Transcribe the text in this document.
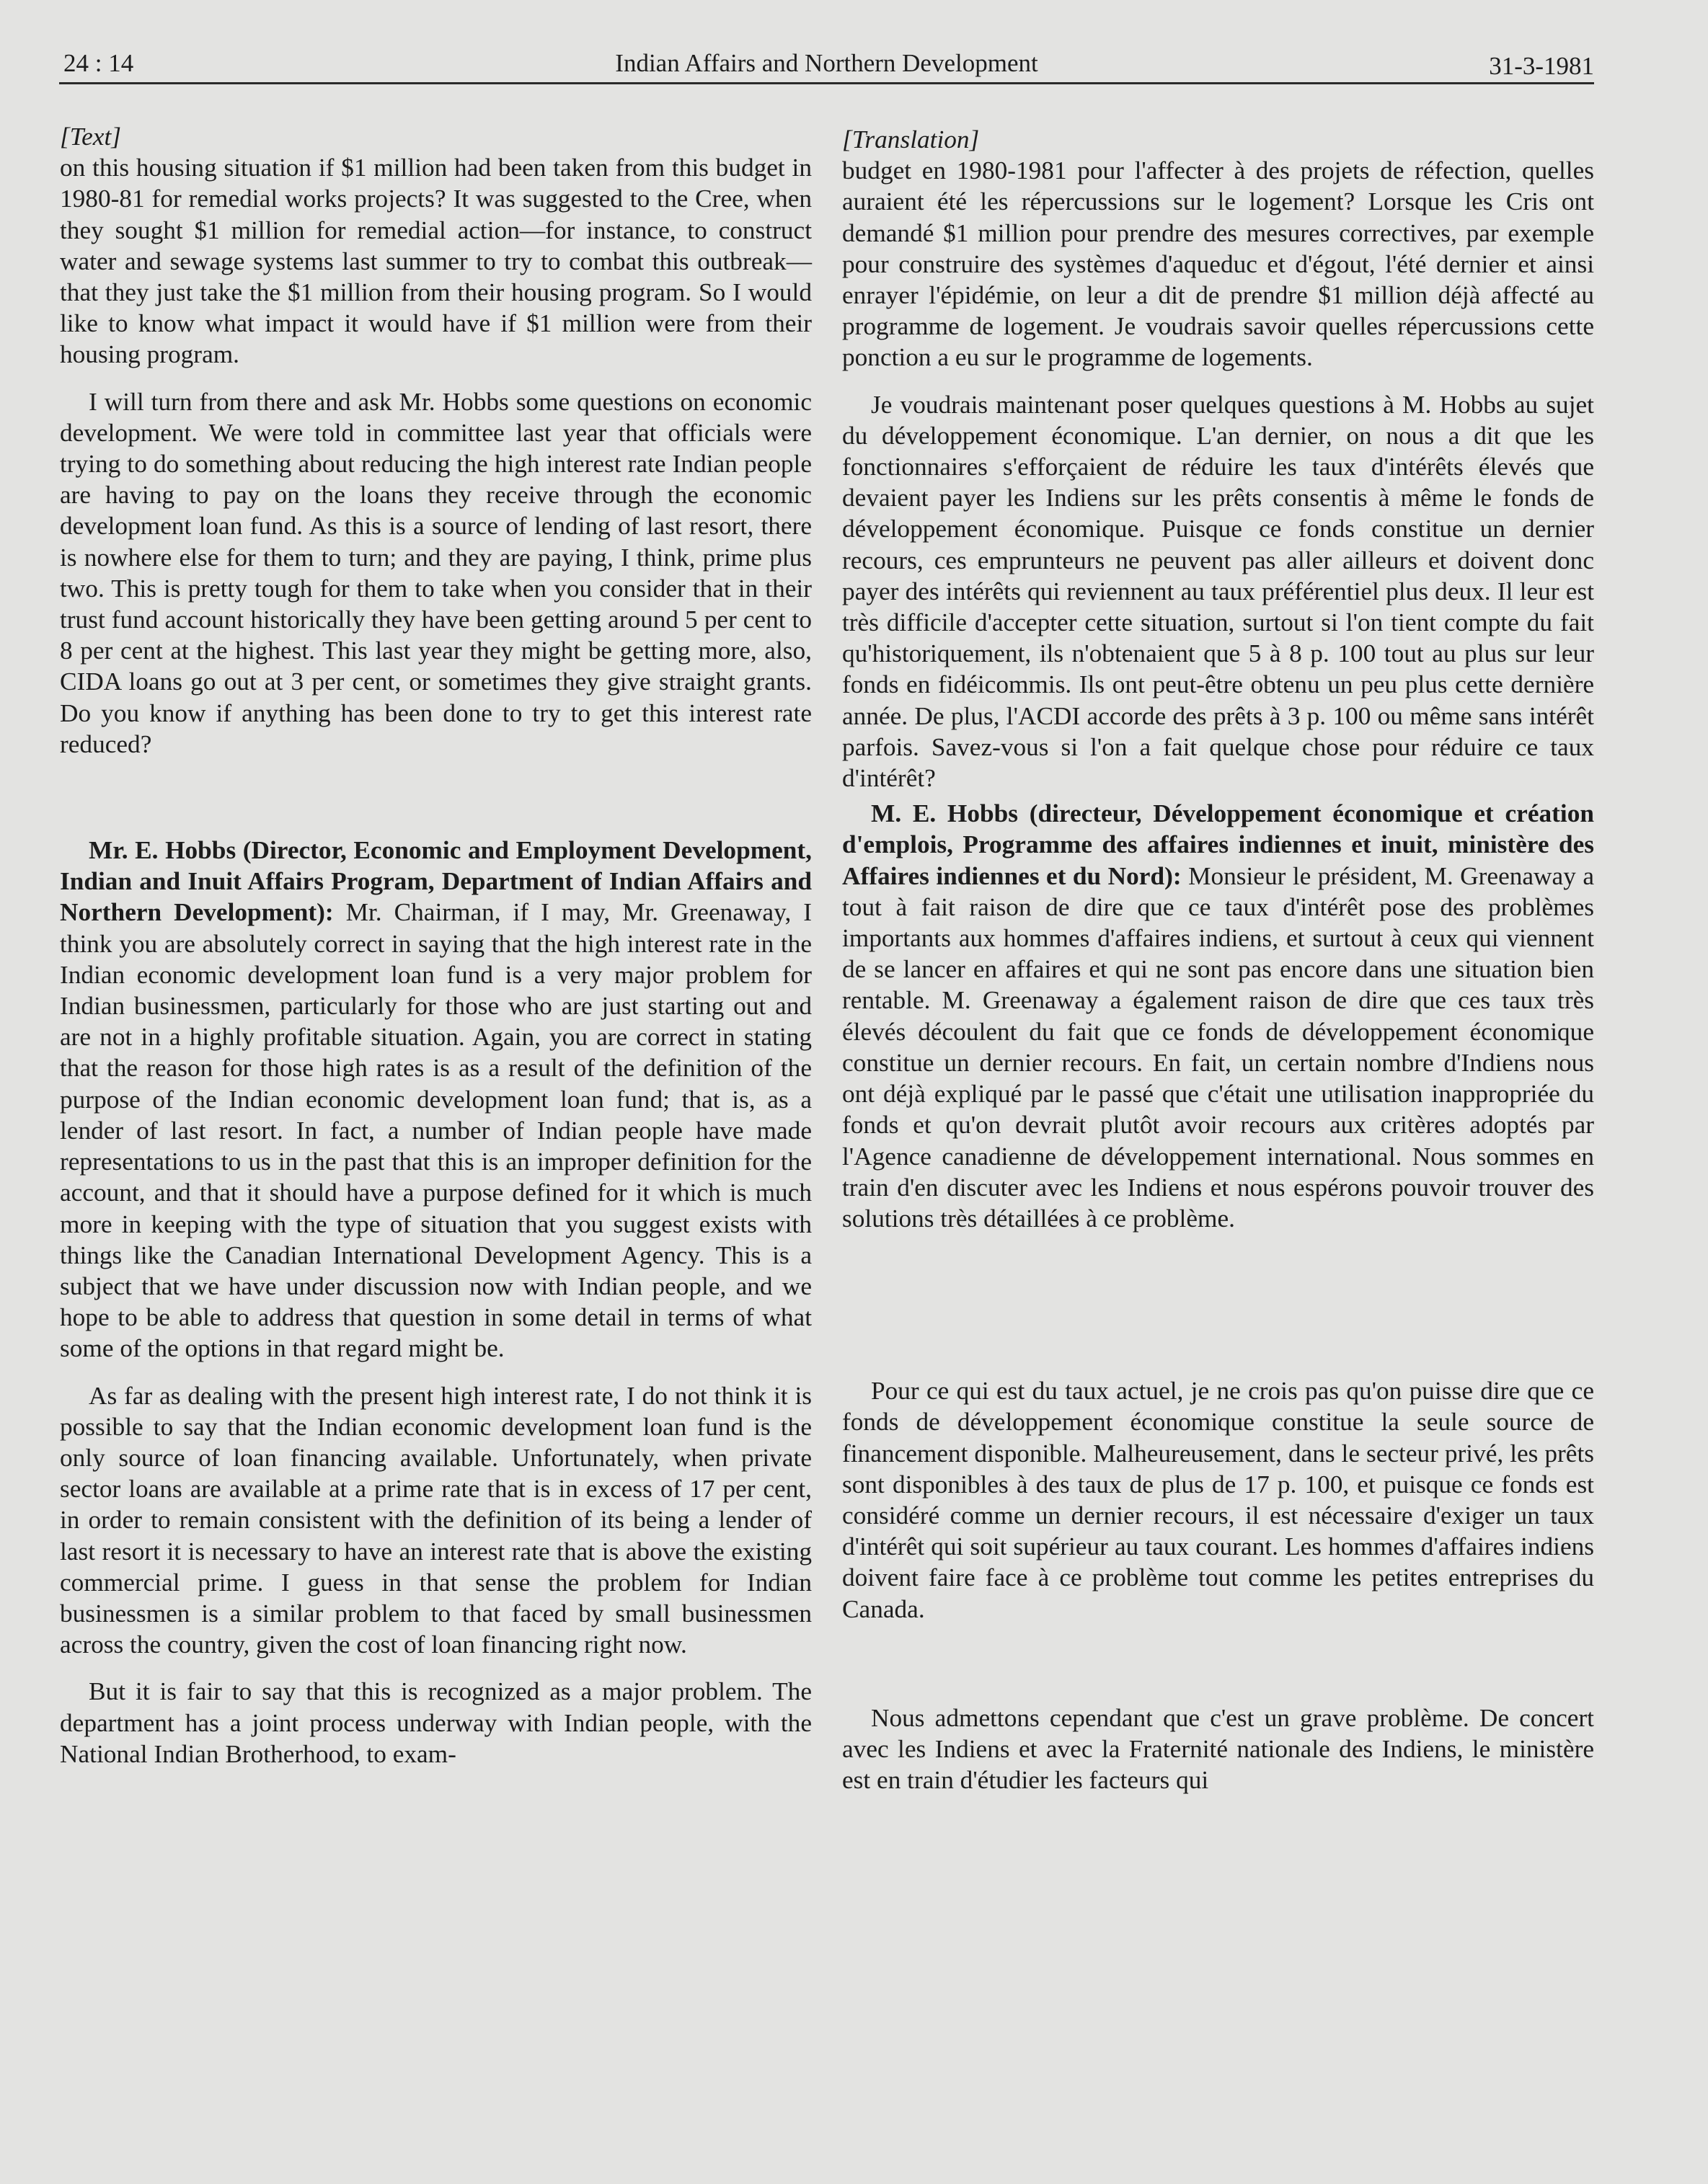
24 : 14	Indian Affairs and Northern Development	31-3-1981

[Text]

on this housing situation if $1 million had been taken from this budget in 1980-81 for remedial works projects? It was suggested to the Cree, when they sought $1 million for remedial action—for instance, to construct water and sewage systems last summer to try to combat this outbreak—that they just take the $1 million from their housing program. So I would like to know what impact it would have if $1 million were from their housing program.

I will turn from there and ask Mr. Hobbs some questions on economic development. We were told in committee last year that officials were trying to do something about reducing the high interest rate Indian people are having to pay on the loans they receive through the economic development loan fund. As this is a source of lending of last resort, there is nowhere else for them to turn; and they are paying, I think, prime plus two. This is pretty tough for them to take when you consider that in their trust fund account historically they have been getting around 5 per cent to 8 per cent at the highest. This last year they might be getting more, also, CIDA loans go out at 3 per cent, or sometimes they give straight grants. Do you know if anything has been done to try to get this interest rate reduced?

Mr. E. Hobbs (Director, Economic and Employment Development, Indian and Inuit Affairs Program, Department of Indian Affairs and Northern Development): Mr. Chairman, if I may, Mr. Greenaway, I think you are absolutely correct in saying that the high interest rate in the Indian economic development loan fund is a very major problem for Indian businessmen, particularly for those who are just starting out and are not in a highly profitable situation. Again, you are correct in stating that the reason for those high rates is as a result of the definition of the purpose of the Indian economic development loan fund; that is, as a lender of last resort. In fact, a number of Indian people have made representations to us in the past that this is an improper definition for the account, and that it should have a purpose defined for it which is much more in keeping with the type of situation that you suggest exists with things like the Canadian International Development Agency. This is a subject that we have under discussion now with Indian people, and we hope to be able to address that question in some detail in terms of what some of the options in that regard might be.

As far as dealing with the present high interest rate, I do not think it is possible to say that the Indian economic development loan fund is the only source of loan financing available. Unfortunately, when private sector loans are available at a prime rate that is in excess of 17 per cent, in order to remain consistent with the definition of its being a lender of last resort it is necessary to have an interest rate that is above the existing commercial prime. I guess in that sense the problem for Indian businessmen is a similar problem to that faced by small businessmen across the country, given the cost of loan financing right now.

But it is fair to say that this is recognized as a major problem. The department has a joint process underway with Indian people, with the National Indian Brotherhood, to exam-

[Translation]

budget en 1980-1981 pour l'affecter à des projets de réfection, quelles auraient été les répercussions sur le logement? Lorsque les Cris ont demandé $1 million pour prendre des mesures correctives, par exemple pour construire des systèmes d'aqueduc et d'égout, l'été dernier et ainsi enrayer l'épidémie, on leur a dit de prendre $1 million déjà affecté au programme de logement. Je voudrais savoir quelles répercussions cette ponction a eu sur le programme de logements.

Je voudrais maintenant poser quelques questions à M. Hobbs au sujet du développement économique. L'an dernier, on nous a dit que les fonctionnaires s'efforçaient de réduire les taux d'intérêts élevés que devaient payer les Indiens sur les prêts consentis à même le fonds de développement économique. Puisque ce fonds constitue un dernier recours, ces emprunteurs ne peuvent pas aller ailleurs et doivent donc payer des intérêts qui reviennent au taux préférentiel plus deux. Il leur est très difficile d'accepter cette situation, surtout si l'on tient compte du fait qu'historiquement, ils n'obtenaient que 5 à 8 p. 100 tout au plus sur leur fonds en fidéicommis. Ils ont peut-être obtenu un peu plus cette dernière année. De plus, l'ACDI accorde des prêts à 3 p. 100 ou même sans intérêt parfois. Savez-vous si l'on a fait quelque chose pour réduire ce taux d'intérêt?

M. E. Hobbs (directeur, Développement économique et création d'emplois, Programme des affaires indiennes et inuit, ministère des Affaires indiennes et du Nord): Monsieur le président, M. Greenaway a tout à fait raison de dire que ce taux d'intérêt pose des problèmes importants aux hommes d'affaires indiens, et surtout à ceux qui viennent de se lancer en affaires et qui ne sont pas encore dans une situation bien rentable. M. Greenaway a également raison de dire que ces taux très élevés découlent du fait que ce fonds de développement économique constitue un dernier recours. En fait, un certain nombre d'Indiens nous ont déjà expliqué par le passé que c'était une utilisation inappropriée du fonds et qu'on devrait plutôt avoir recours aux critères adoptés par l'Agence canadienne de développement international. Nous sommes en train d'en discuter avec les Indiens et nous espérons pouvoir trouver des solutions très détaillées à ce problème.

Pour ce qui est du taux actuel, je ne crois pas qu'on puisse dire que ce fonds de développement économique constitue la seule source de financement disponible. Malheureusement, dans le secteur privé, les prêts sont disponibles à des taux de plus de 17 p. 100, et puisque ce fonds est considéré comme un dernier recours, il est nécessaire d'exiger un taux d'intérêt qui soit supérieur au taux courant. Les hommes d'affaires indiens doivent faire face à ce problème tout comme les petites entreprises du Canada.

Nous admettons cependant que c'est un grave problème. De concert avec les Indiens et avec la Fraternité nationale des Indiens, le ministère est en train d'étudier les facteurs qui
